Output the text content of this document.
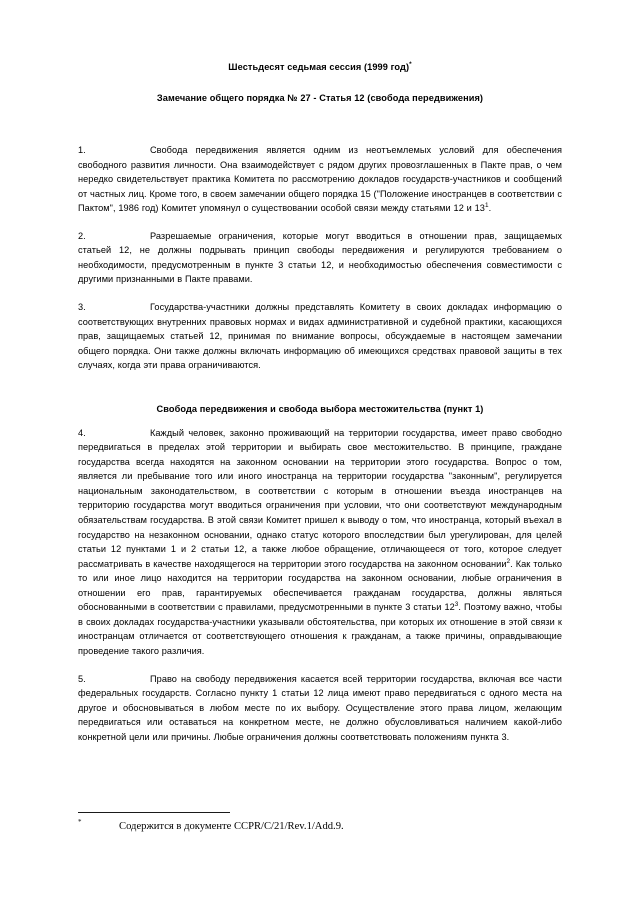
Шестьдесят седьмая сессия (1999 год)*
Замечание общего порядка № 27 - Статья 12 (свобода передвижения)

1.	Свобода передвижения является одним из неотъемлемых условий для обеспечения свободного развития личности. Она взаимодействует с рядом других провозглашенных в Пакте прав, о чем нередко свидетельствует практика Комитета по рассмотрению докладов государств-участников и сообщений от частных лиц. Кроме того, в своем замечании общего порядка 15 ("Положение иностранцев в соответствии с Пактом", 1986 год) Комитет упомянул о существовании особой связи между статьями 12 и $13^1$.

2.	Разрешаемые ограничения, которые могут вводиться в отношении прав, защищаемых статьей 12, не должны подрывать принцип свободы передвижения и регулируются требованием о необходимости, предусмотренным в пункте 3 статьи 12, и необходимостью обеспечения совместимости с другими признанными в Пакте правами.

3.	Государства-участники должны представлять Комитету в своих докладах информацию о соответствующих внутренних правовых нормах и видах административной и судебной практики, касающихся прав, защищаемых статьей 12, принимая по внимание вопросы, обсуждаемые в настоящем замечании общего порядка. Они также должны включать информацию об имеющихся средствах правовой защиты в тех случаях, когда эти права ограничиваются.

Свобода передвижения и свобода выбора местожительства (пункт 1)

4.	Каждый человек, законно проживающий на территории государства, имеет право свободно передвигаться в пределах этой территории и выбирать свое местожительство. В принципе, граждане государства всегда находятся на законном основании на территории этого государства. Вопрос о том, является ли пребывание того или иного иностранца на территории государства "законным", регулируется национальным законодательством, в соответствии с которым в отношении въезда иностранцев на территорию государства могут вводиться ограничения при условии, что они соответствуют международным обязательствам государства. В этой связи Комитет пришел к выводу о том, что иностранца, который въехал в государство на незаконном основании, однако статус которого впоследствии был урегулирован, для целей статьи 12 пунктами 1 и 2 статьи 12, а также любое обращение, отличающееся от того, которое следует рассматривать в качестве находящегося на территории этого государства на законном основании$^2$. Как только то или иное лицо находится на территории государства на законном основании, любые ограничения в отношении его прав, гарантируемых обеспечивается гражданам государства, должны являться обоснованными в соответствии с правилами, предусмотренными в пункте 3 статьи $12^3$. Поэтому важно, чтобы в своих докладах государства-участники указывали обстоятельства, при которых их отношение в этой связи к иностранцам отличается от соответствующего отношения к гражданам, а также причины, оправдывающие проведение такого различия.

5.	Право на свободу передвижения касается всей территории государства, включая все части федеральных государств. Согласно пункту 1 статьи 12 лица имеют право передвигаться с одного места на другое и обосновываться в любом месте по их выбору. Осуществление этого права лицом, желающим передвигаться или оставаться на конкретном месте, не должно обусловливаться наличием какой-либо конкретной цели или причины. Любые ограничения должны соответствовать положениям пункта 3.

*	Содержится в документе CCPR/C/21/Rev.1/Add.9.
